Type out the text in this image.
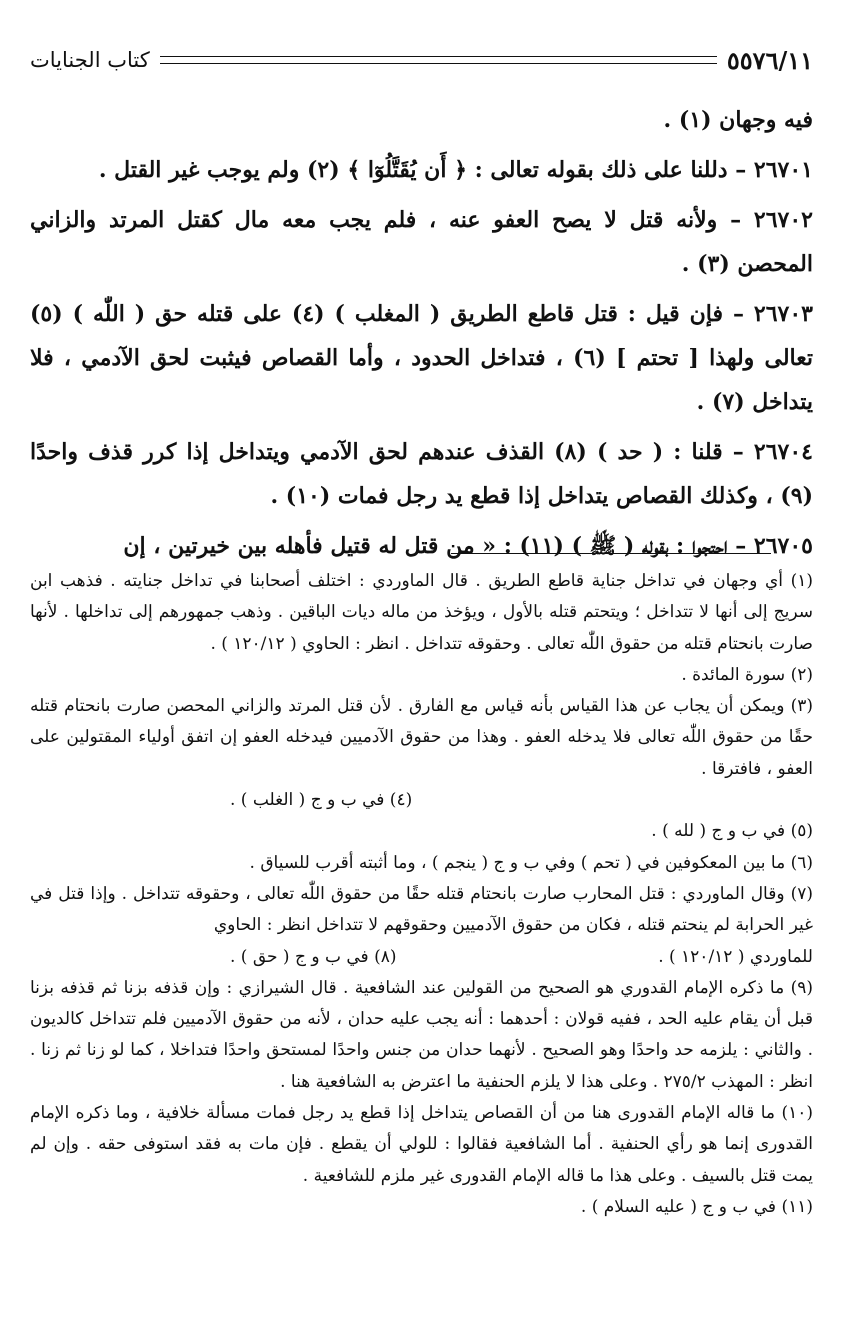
٥٥٧٦/١١
كتاب الجنايات

فيه وجهان (١) .

٢٦٧٠١ – دللنا على ذلك بقوله تعالى : ﴿ أَن يُقَتَّلُوٓا ﴾ (٢) ولم يوجب غير القتل .

٢٦٧٠٢ – ولأنه قتل لا يصح العفو عنه ، فلم يجب معه مال كقتل المرتد والزاني المحصن (٣) .

٢٦٧٠٣ – فإن قيل : قتل قاطع الطريق ( المغلب ) (٤) على قتله حق ( اللّٰه ) (٥) تعالى ولهذا [ تحتم ] (٦) ، فتداخل الحدود ، وأما القصاص فيثبت لحق الآدمي ، فلا يتداخل (٧) .

٢٦٧٠٤ – قلنا : ( حد ) (٨) القذف عندهم لحق الآدمي ويتداخل إذا كرر قذف واحدًا (٩) ، وكذلك القصاص يتداخل إذا قطع يد رجل فمات (١٠) .

٢٦٧٠٥ – احتجوا : بقوله ( ﷺ ) (١١) : « من قتل له قتيل فأهله بين خيرتين ، إن

(١) أي وجهان في تداخل جناية قاطع الطريق . قال الماوردي : اختلف أصحابنا في تداخل جنايته . فذهب ابن سريج إلى أنها لا تتداخل ؛ ويتحتم قتله بالأول ، ويؤخذ من ماله ديات الباقين . وذهب جمهورهم إلى تداخلها . لأنها صارت بانحتام قتله من حقوق اللّٰه تعالى . وحقوقه تتداخل . انظر : الحاوي ( ١٢٠/١٢ ) .

(٢) سورة المائدة .

(٣) ويمكن أن يجاب عن هذا القياس بأنه قياس مع الفارق . لأن قتل المرتد والزاني المحصن صارت بانحتام قتله حقًا من حقوق اللّٰه تعالى فلا يدخله العفو . وهذا من حقوق الآدميين فيدخله العفو إن اتفق أولياء المقتولين على العفو ، فافترقا .

(٤) في ب و ج ( الغلب ) .

(٥) في ب و ج ( لله ) .

(٦) ما بين المعكوفين في ( تحم ) وفي ب و ج ( ينجم ) ، وما أثبته أقرب للسياق .

(٧) وقال الماوردي : قتل المحارب صارت بانحتام قتله حقًا من حقوق اللّٰه تعالى ، وحقوقه تتداخل . وإذا قتل في غير الحرابة لم ينحتم قتله ، فكان من حقوق الآدميين وحقوقهم لا تتداخل انظر : الحاوي

للماوردي ( ١٢٠/١٢ ) .
(٨) في ب و ج ( حق ) .

(٩) ما ذكره الإمام القدوري هو الصحيح من القولين عند الشافعية . قال الشيرازي : وإن قذفه بزنا ثم قذفه بزنا قبل أن يقام عليه الحد ، ففيه قولان : أحدهما : أنه يجب عليه حدان ، لأنه من حقوق الآدميين فلم تتداخل كالديون . والثاني : يلزمه حد واحدًا وهو الصحيح . لأنهما حدان من جنس واحدًا لمستحق واحدًا فتداخلا ، كما لو زنا ثم زنا . انظر : المهذب ٢٧٥/٢ . وعلى هذا لا يلزم الحنفية ما اعترض به الشافعية هنا .

(١٠) ما قاله الإمام القدورى هنا من أن القصاص يتداخل إذا قطع يد رجل فمات مسألة خلافية ، وما ذكره الإمام القدورى إنما هو رأي الحنفية . أما الشافعية فقالوا : للولي أن يقطع . فإن مات به فقد استوفى حقه . وإن لم يمت قتل بالسيف . وعلى هذا ما قاله الإمام القدورى غير ملزم للشافعية .

(١١) في ب و ج ( عليه السلام ) .
